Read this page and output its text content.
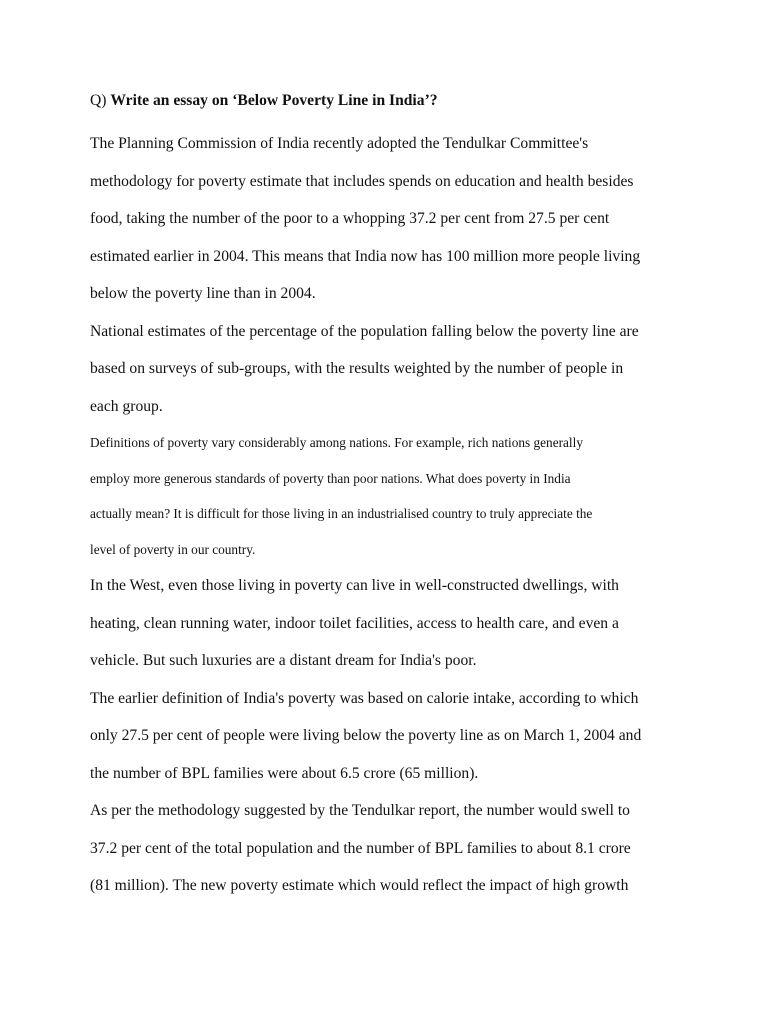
Q) Write an essay on ‘Below Poverty Line in India’?
The Planning Commission of India recently adopted the Tendulkar Committee's
methodology for poverty estimate that includes spends on education and health besides
food, taking the number of the poor to a whopping 37.2 per cent from 27.5 per cent
estimated earlier in 2004. This means that India now has 100 million more people living
below the poverty line than in 2004.
National estimates of the percentage of the population falling below the poverty line are
based on surveys of sub-groups, with the results weighted by the number of people in
each group.
Definitions of poverty vary considerably among nations. For example, rich nations generally
employ more generous standards of poverty than poor nations. What does poverty in India
actually mean? It is difficult for those living in an industrialised country to truly appreciate the
level of poverty in our country.
In the West, even those living in poverty can live in well-constructed dwellings, with
heating, clean running water, indoor toilet facilities, access to health care, and even a
vehicle. But such luxuries are a distant dream for India's poor.
The earlier definition of India's poverty was based on calorie intake, according to which
only 27.5 per cent of people were living below the poverty line as on March 1, 2004 and
the number of BPL families were about 6.5 crore (65 million).
As per the methodology suggested by the Tendulkar report, the number would swell to
37.2 per cent of the total population and the number of BPL families to about 8.1 crore
(81 million). The new poverty estimate which would reflect the impact of high growth
